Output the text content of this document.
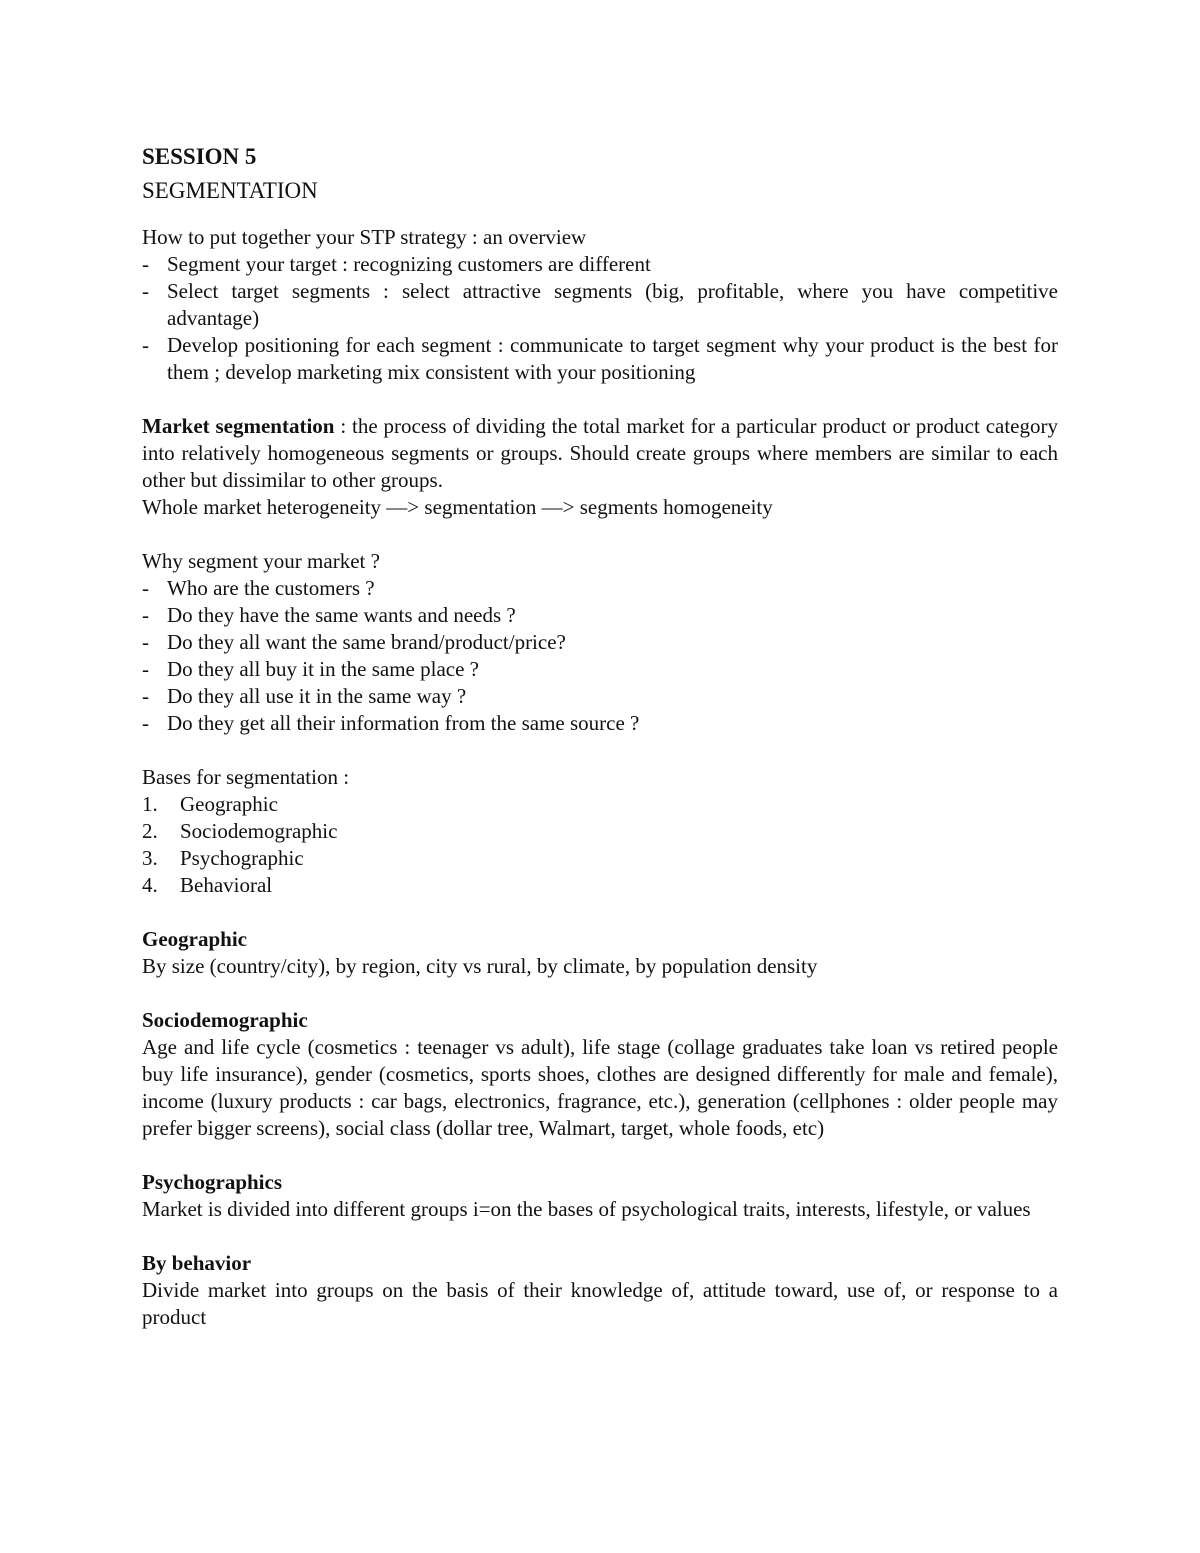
SESSION 5
SEGMENTATION

How to put together your STP strategy : an overview

- Segment your target : recognizing customers are different
- Select target segments : select attractive segments (big, profitable, where you have competitive advantage)
- Develop positioning for each segment : communicate to target segment why your product is the best for them ; develop marketing mix consistent with your positioning

Market segmentation : the process of dividing the total market for a particular product or product category into relatively homogeneous segments or groups. Should create groups where members are similar to each other but dissimilar to other groups.

Whole market heterogeneity —> segmentation —> segments homogeneity

Why segment your market ?

- Who are the customers ?
- Do they have the same wants and needs ?
- Do they all want the same brand/product/price?
- Do they all buy it in the same place ?
- Do they all use it in the same way ?
- Do they get all their information from the same source ?

Bases for segmentation :

1. Geographic
2. Sociodemographic
3. Psychographic
4. Behavioral

Geographic

By size (country/city), by region, city vs rural, by climate, by population density

Sociodemographic

Age and life cycle (cosmetics : teenager vs adult), life stage (collage graduates take loan vs retired people buy life insurance), gender (cosmetics, sports shoes, clothes are designed differently for male and female), income (luxury products : car bags, electronics, fragrance, etc.), generation (cellphones : older people may prefer bigger screens), social class (dollar tree, Walmart, target, whole foods, etc)

Psychographics

Market is divided into different groups i=on the bases of psychological traits, interests, lifestyle, or values

By behavior

Divide market into groups on the basis of their knowledge of, attitude toward, use of, or response to a product
